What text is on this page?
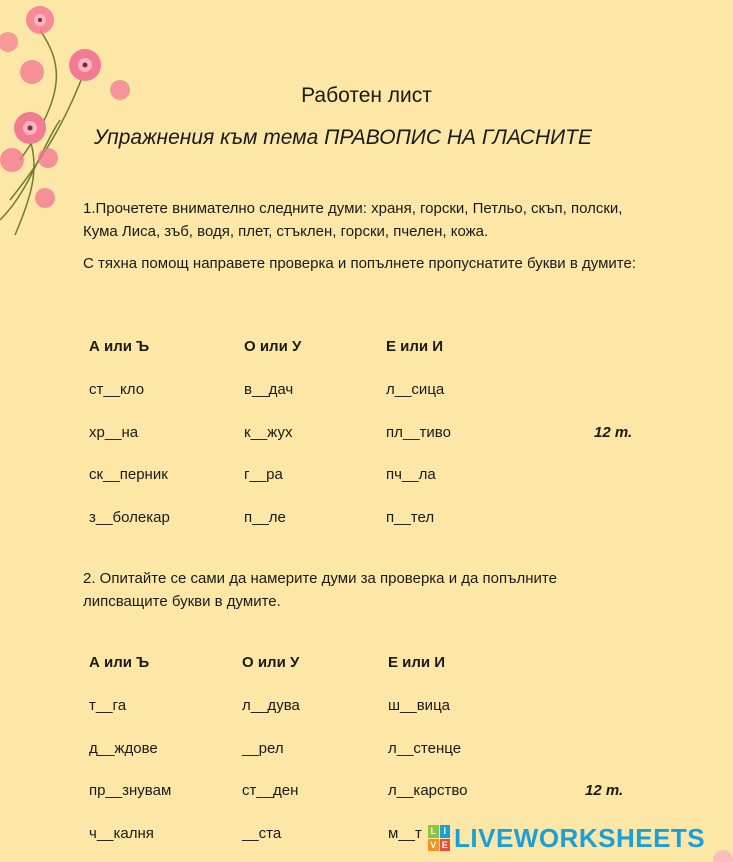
Работен лист
Упражнения към тема ПРАВОПИС НА ГЛАСНИТЕ
1.Прочетете внимателно следните думи: храня, горски, Петльо, скъп, полски, Кума Лиса, зъб, водя, плет, стъклен, горски, пчелен, кожа.
С тяхна помощ направете проверка и попълнете пропуснатите букви в думите:
А или Ъ	О или У	Е или И
ст__кло	в__дач	л__сица
хр__на	к__жух	пл__тиво
ск__перник	г__ра	пч__ла
з__болекар	п__ле	п__тел
12 т.
2. Опитайте се сами да намерите думи за проверка и да попълните липсващите букви в думите.
А или Ъ	О или У	Е или И
т__га	л__дува	ш__вица
д__ждове	__рел	л__стенце
пр__знувам	ст__ден	л__карство
ч__калня	__ста	м__т
12 т.
L I
V E LIVEWORKSHEETS
